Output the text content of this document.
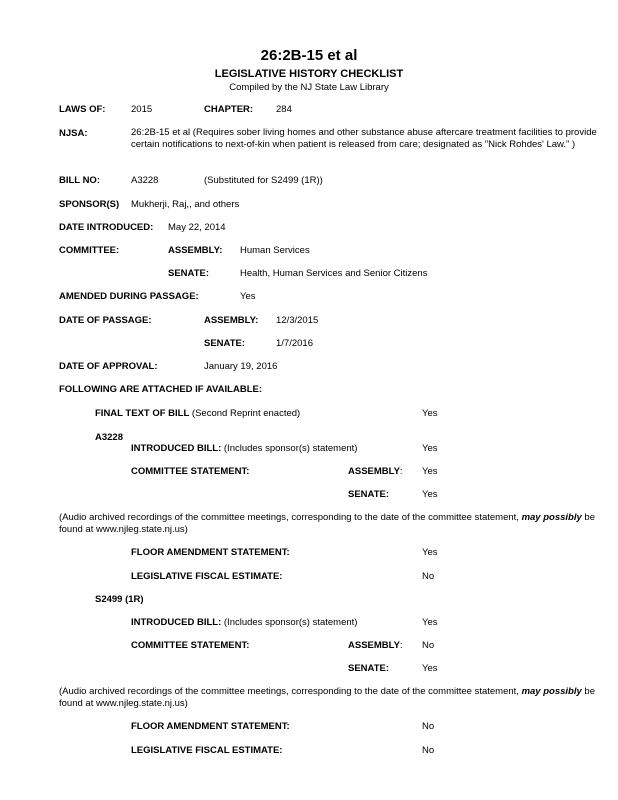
26:2B-15 et al
LEGISLATIVE HISTORY CHECKLIST
Compiled by the NJ State Law Library
LAWS OF:	2015	CHAPTER: 284
NJSA:	26:2B-15 et al (Requires sober living homes and other substance abuse aftercare treatment facilities to provide certain notifications to next-of-kin when patient is released from care; designated as "Nick Rohdes' Law." )
BILL NO:	A3228	(Substituted for S2499 (1R))
SPONSOR(S) Mukherji, Raj,, and others
DATE INTRODUCED: May 22, 2014
COMMITTEE:	ASSEMBLY: Human Services
SENATE:	Health, Human Services and Senior Citizens
AMENDED DURING PASSAGE:	Yes
DATE OF PASSAGE:	ASSEMBLY: 12/3/2015
SENATE:	1/7/2016
DATE OF APPROVAL:	January 19, 2016
FOLLOWING ARE ATTACHED IF AVAILABLE:
FINAL TEXT OF BILL (Second Reprint enacted)	Yes
A3228
INTRODUCED BILL: (Includes sponsor(s) statement)	Yes
COMMITTEE STATEMENT:	ASSEMBLY: Yes
SENATE:	Yes
(Audio archived recordings of the committee meetings, corresponding to the date of the committee statement, may possibly be found at www.njleg.state.nj.us)
FLOOR AMENDMENT STATEMENT:	Yes
LEGISLATIVE FISCAL ESTIMATE:	No
S2499 (1R)
INTRODUCED BILL: (Includes sponsor(s) statement)	Yes
COMMITTEE STATEMENT:	ASSEMBLY: No
SENATE:	Yes
(Audio archived recordings of the committee meetings, corresponding to the date of the committee statement, may possibly be found at www.njleg.state.nj.us)
FLOOR AMENDMENT STATEMENT:	No
LEGISLATIVE FISCAL ESTIMATE:	No
